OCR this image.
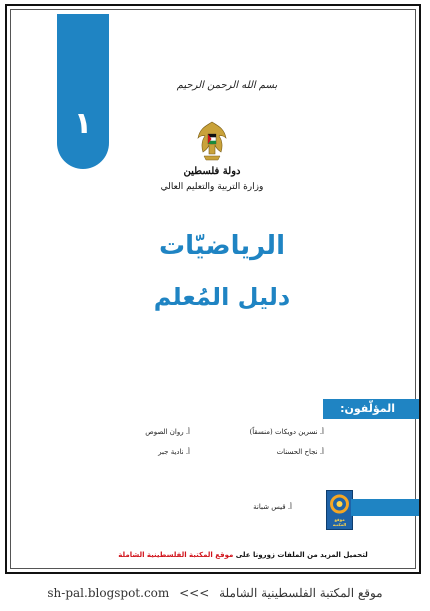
١
بسم الله الرحمن الرحيم
دولة فلسطين
وزارة التربية والتعليم العالي
الرياضيّات
دليل المُعلم
المؤلّفون:
أ. نسرين دويكات (منسقاً)
أ. روان الصوص
أ. نجاح الحسنات
أ. نادية جبر
أ. قيس شبانة
موقع المكتبة
لتحميل المزيد من الملفات زورونا على موقع المكتبة الفلسطينية الشاملة
sh-pal.blogspot.com <<< موقع المكتبة الفلسطينية الشاملة
